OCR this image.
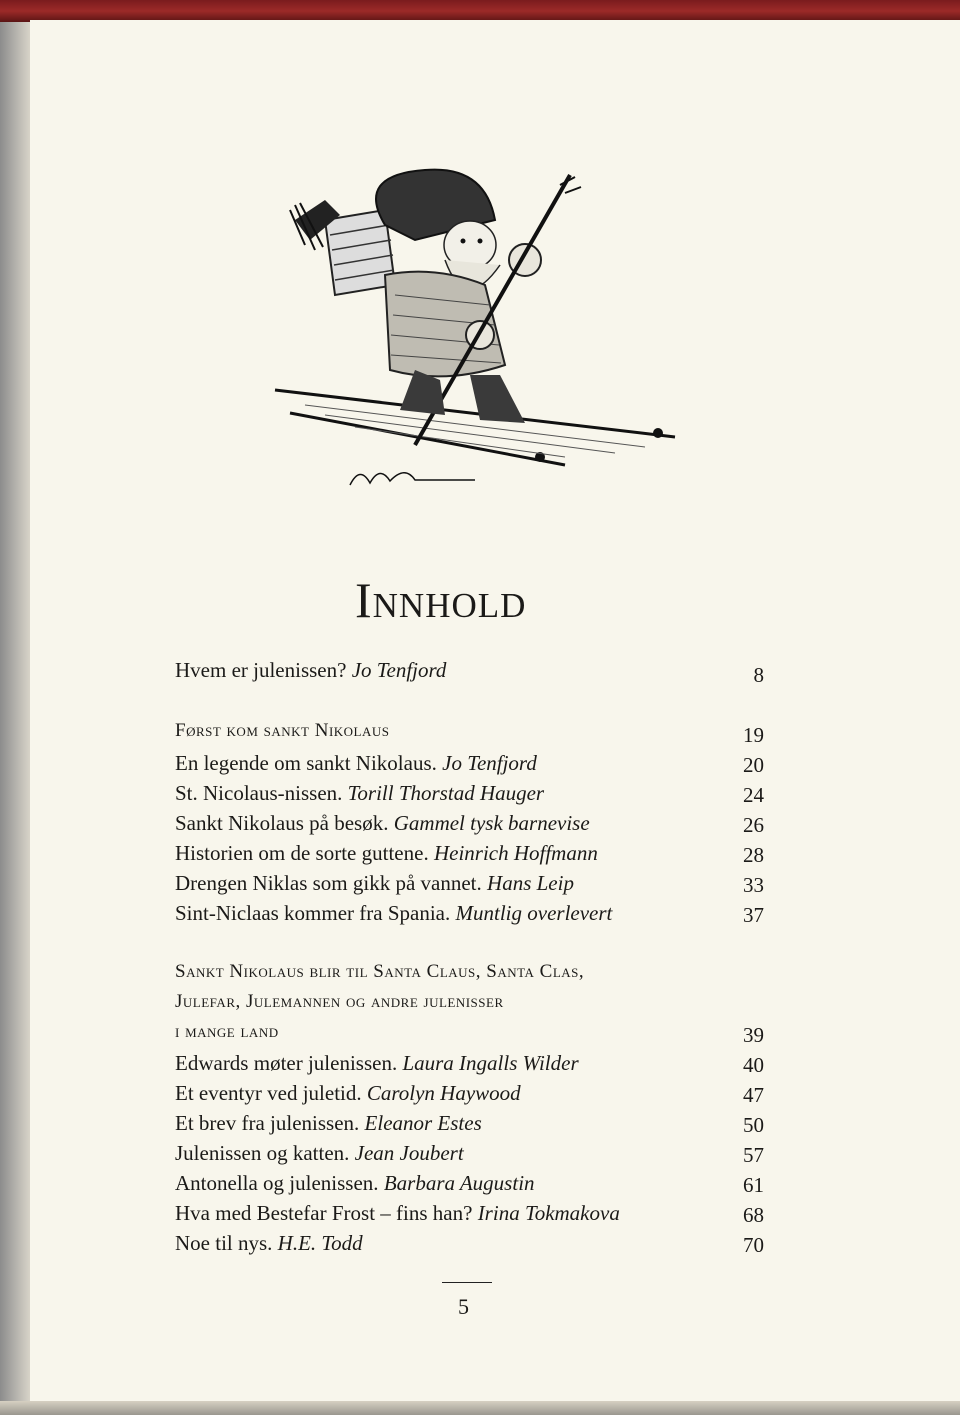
Innhold
Hvem er julenissen? Jo Tenfjord	8
Først kom sankt Nikolaus	19
En legende om sankt Nikolaus. Jo Tenfjord	20
St. Nicolaus-nissen. Torill Thorstad Hauger	24
Sankt Nikolaus på besøk. Gammel tysk barnevise	26
Historien om de sorte guttene. Heinrich Hoffmann	28
Drengen Niklas som gikk på vannet. Hans Leip	33
Sint-Niclaas kommer fra Spania. Muntlig overlevert	37
Sankt Nikolaus blir til Santa Claus, Santa Clas,
Julefar, Julemannen og andre julenisser
i mange land	39
Edwards møter julenissen. Laura Ingalls Wilder	40
Et eventyr ved juletid. Carolyn Haywood	47
Et brev fra julenissen. Eleanor Estes	50
Julenissen og katten. Jean Joubert	57
Antonella og julenissen. Barbara Augustin	61
Hva med Bestefar Frost – fins han? Irina Tokmakova	68
Noe til nys. H.E. Todd	70
5
